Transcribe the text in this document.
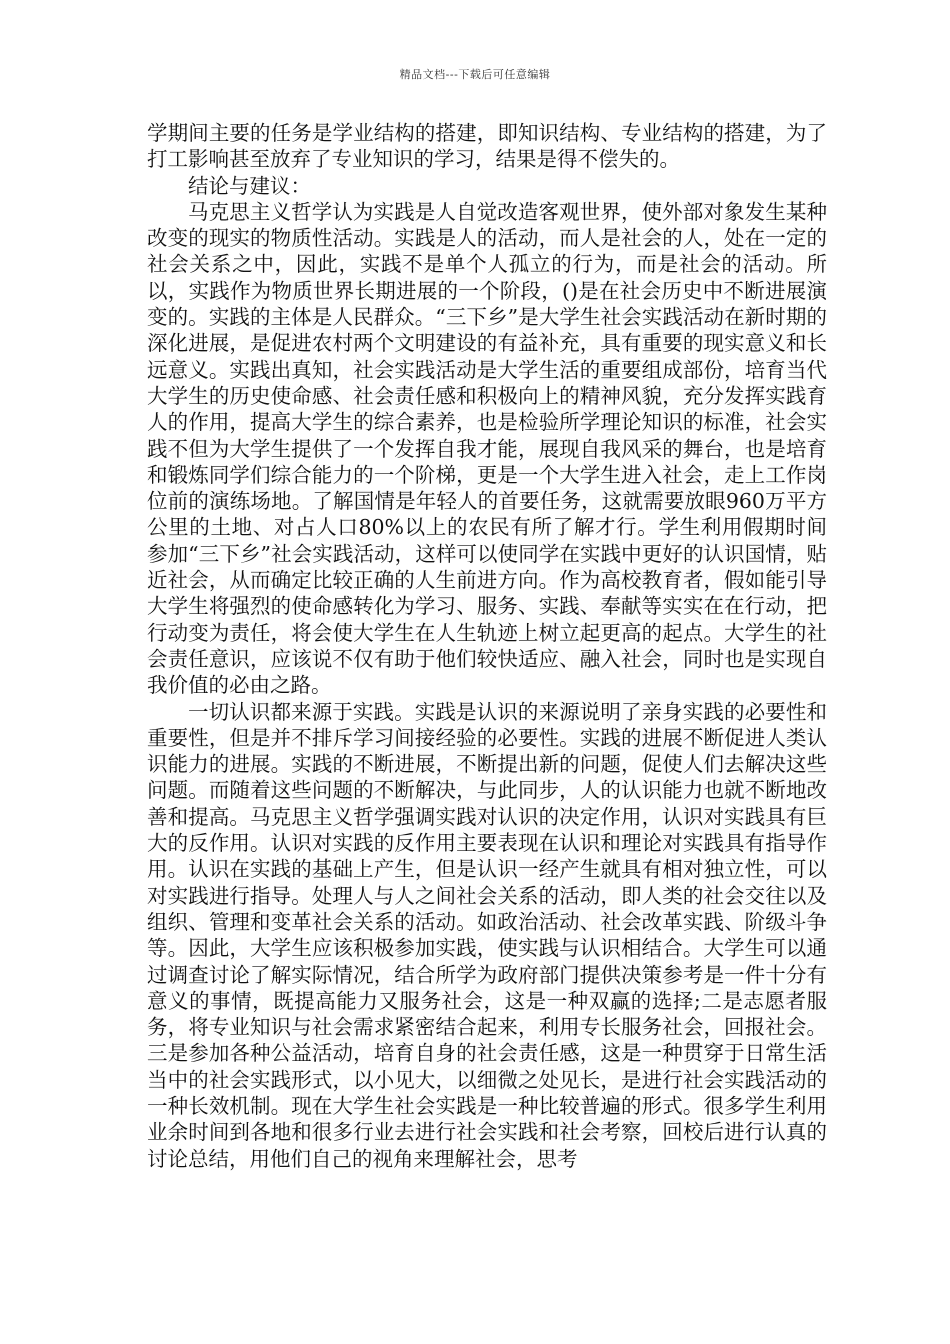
精品文档---下载后可任意编辑

学期间主要的任务是学业结构的搭建，即知识结构、专业结构的搭建，为了打工影响甚至放弃了专业知识的学习，结果是得不偿失的。

结论与建议：

马克思主义哲学认为实践是人自觉改造客观世界，使外部对象发生某种改变的现实的物质性活动。实践是人的活动，而人是社会的人，处在一定的社会关系之中，因此，实践不是单个人孤立的行为，而是社会的活动。所以，实践作为物质世界长期进展的一个阶段，()是在社会历史中不断进展演变的。实践的主体是人民群众。“三下乡”是大学生社会实践活动在新时期的深化进展，是促进农村两个文明建设的有益补充，具有重要的现实意义和长远意义。实践出真知，社会实践活动是大学生活的重要组成部份，培育当代大学生的历史使命感、社会责任感和积极向上的精神风貌，充分发挥实践育人的作用，提高大学生的综合素养，也是检验所学理论知识的标准，社会实践不但为大学生提供了一个发挥自我才能，展现自我风采的舞台，也是培育和锻炼同学们综合能力的一个阶梯，更是一个大学生进入社会，走上工作岗位前的演练场地。了解国情是年轻人的首要任务，这就需要放眼960万平方公里的土地、对占人口80%以上的农民有所了解才行。学生利用假期时间参加“三下乡”社会实践活动，这样可以使同学在实践中更好的认识国情，贴近社会，从而确定比较正确的人生前进方向。作为高校教育者，假如能引导大学生将强烈的使命感转化为学习、服务、实践、奉献等实实在在行动，把行动变为责任，将会使大学生在人生轨迹上树立起更高的起点。大学生的社会责任意识，应该说不仅有助于他们较快适应、融入社会，同时也是实现自我价值的必由之路。

一切认识都来源于实践。实践是认识的来源说明了亲身实践的必要性和重要性，但是并不排斥学习间接经验的必要性。实践的进展不断促进人类认识能力的进展。实践的不断进展，不断提出新的问题，促使人们去解决这些问题。而随着这些问题的不断解决，与此同步，人的认识能力也就不断地改善和提高。马克思主义哲学强调实践对认识的决定作用，认识对实践具有巨大的反作用。认识对实践的反作用主要表现在认识和理论对实践具有指导作用。认识在实践的基础上产生，但是认识一经产生就具有相对独立性，可以对实践进行指导。处理人与人之间社会关系的活动，即人类的社会交往以及组织、管理和变革社会关系的活动。如政治活动、社会改革实践、阶级斗争等。因此，大学生应该积极参加实践，使实践与认识相结合。大学生可以通过调查讨论了解实际情况，结合所学为政府部门提供决策参考是一件十分有意义的事情，既提高能力又服务社会，这是一种双赢的选择;二是志愿者服务，将专业知识与社会需求紧密结合起来，利用专长服务社会，回报社会。三是参加各种公益活动，培育自身的社会责任感，这是一种贯穿于日常生活当中的社会实践形式，以小见大，以细微之处见长，是进行社会实践活动的一种长效机制。现在大学生社会实践是一种比较普遍的形式。很多学生利用业余时间到各地和很多行业去进行社会实践和社会考察，回校后进行认真的讨论总结，用他们自己的视角来理解社会，思考
